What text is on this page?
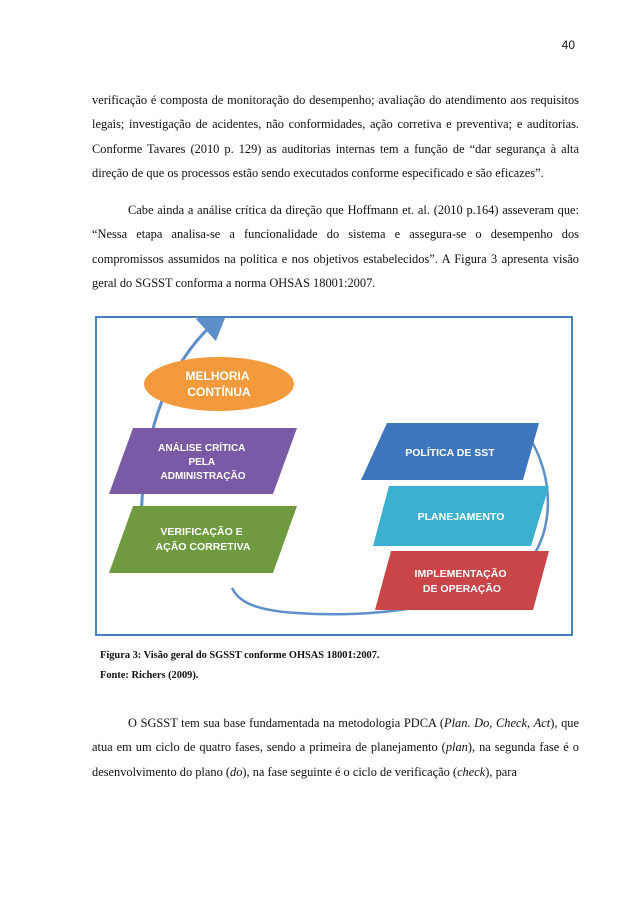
40

verificação é composta de monitoração do desempenho; avaliação do atendimento aos requisitos legais; investigação de acidentes, não conformidades, ação corretiva e preventiva; e auditorias. Conforme Tavares (2010 p. 129) as auditorias internas tem a função de “dar segurança à alta direção de que os processos estão sendo executados conforme especificado e são eficazes”.

Cabe ainda a análise crítica da direção que Hoffmann et. al. (2010 p.164) asseveram que: “Nessa etapa analisa-se a funcionalidade do sistema e assegura-se o desempenho dos compromissos assumidos na política e nos objetivos estabelecidos”. A Figura 3 apresenta visão geral do SGSST conforma a norma OHSAS 18001:2007.

MELHORIA CONTÍNUA
ANÁLISE CRÍTICA PELA ADMINISTRAÇÃO
VERIFICAÇÃO E AÇÃO CORRETIVA
POLÍTICA DE SST
PLANEJAMENTO
IMPLEMENTAÇÃO DE OPERAÇÃO

Figura 3: Visão geral do SGSST conforme OHSAS 18001:2007.

Fonte: Richers (2009).

O SGSST tem sua base fundamentada na metodologia PDCA (Plan. Do, Check, Act), que atua em um ciclo de quatro fases, sendo a primeira de planejamento (plan), na segunda fase é o desenvolvimento do plano (do), na fase seguinte é o ciclo de verificação (check), para
